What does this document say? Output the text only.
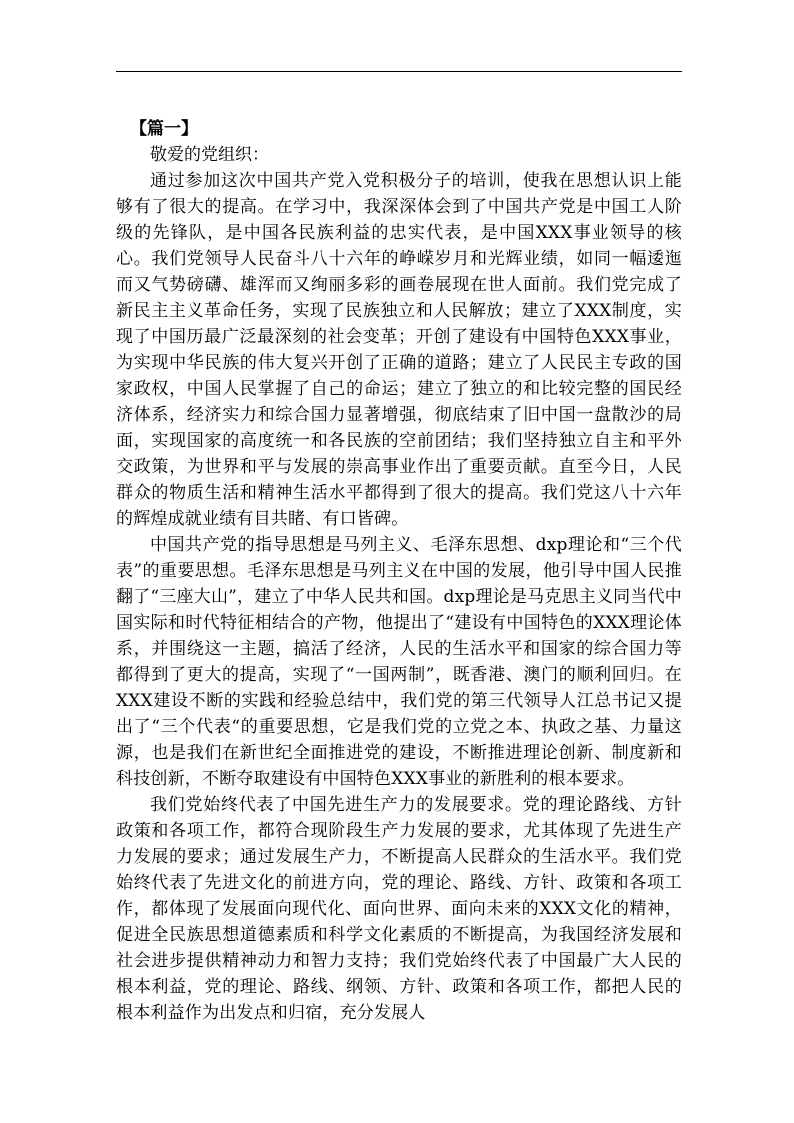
【篇一】

敬爱的党组织：

通过参加这次中国共产党入党积极分子的培训，使我在思想认识上能够有了很大的提高。在学习中，我深深体会到了中国共产党是中国工人阶级的先锋队，是中国各民族利益的忠实代表，是中国XXX事业领导的核心。我们党领导人民奋斗八十六年的峥嵘岁月和光辉业绩，如同一幅逶迤而又气势磅礴、雄浑而又绚丽多彩的画卷展现在世人面前。我们党完成了新民主主义革命任务，实现了民族独立和人民解放；建立了XXX制度，实现了中国历最广泛最深刻的社会变革；开创了建设有中国特色XXX事业，为实现中华民族的伟大复兴开创了正确的道路；建立了人民民主专政的国家政权，中国人民掌握了自己的命运；建立了独立的和比较完整的国民经济体系，经济实力和综合国力显著增强，彻底结束了旧中国一盘散沙的局面，实现国家的高度统一和各民族的空前团结；我们坚持独立自主和平外交政策，为世界和平与发展的崇高事业作出了重要贡献。直至今日，人民群众的物质生活和精神生活水平都得到了很大的提高。我们党这八十六年的辉煌成就业绩有目共睹、有口皆碑。

中国共产党的指导思想是马列主义、毛泽东思想、dxp理论和“三个代表”的重要思想。毛泽东思想是马列主义在中国的发展，他引导中国人民推翻了“三座大山”，建立了中华人民共和国。dxp理论是马克思主义同当代中国实际和时代特征相结合的产物，他提出了“建设有中国特色的XXX理论体系，并围绕这一主题，搞活了经济，人民的生活水平和国家的综合国力等都得到了更大的提高，实现了“一国两制”，既香港、澳门的顺利回归。在XXX建设不断的实践和经验总结中，我们党的第三代领导人江总书记又提出了“三个代表“的重要思想，它是我们党的立党之本、执政之基、力量这源，也是我们在新世纪全面推进党的建设，不断推进理论创新、制度新和科技创新，不断夺取建设有中国特色XXX事业的新胜利的根本要求。

我们党始终代表了中国先进生产力的发展要求。党的理论路线、方针政策和各项工作，都符合现阶段生产力发展的要求，尤其体现了先进生产力发展的要求；通过发展生产力，不断提高人民群众的生活水平。我们党始终代表了先进文化的前进方向，党的理论、路线、方针、政策和各项工作，都体现了发展面向现代化、面向世界、面向未来的XXX文化的精神，促进全民族思想道德素质和科学文化素质的不断提高，为我国经济发展和社会进步提供精神动力和智力支持；我们党始终代表了中国最广大人民的根本利益，党的理论、路线、纲领、方针、政策和各项工作，都把人民的根本利益作为出发点和归宿，充分发展人
